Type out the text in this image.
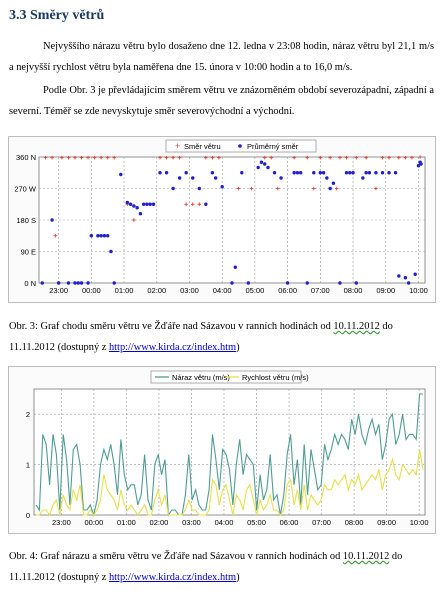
3.3 Směry větrů
Nejvyššího nárazu větru bylo dosaženo dne 12. ledna v 23:08 hodin, náraz větru byl 21,1 m/s a nejvyšší rychlost větru byla naměřena dne 15. února v 10:00 hodin a to 16,0 m/s.
Podle Obr. 3 je převládajícím směrem větru ve znázorněném období severozápadní, západní a severní. Téměř se zde nevyskytuje směr severovýchodní a východní.
+ Směr větru	Průměrný směr
0 N
90 E
180 S
270 W
360 N
23:00 00:00 01:00 02:00 03:00 04:00 05:00 06:00 07:00 08:00 09:00 10:00
Obr. 3: Graf chodu směru větru ve Žďáře nad Sázavou v ranních hodinách od 10.11.2012 do 11.11.2012 (dostupný z http://www.kirda.cz/index.htm)
Náraz větru (m/s) Rychlost větru (m/s)
0
1
2
23:00 00:00 01:00 02:00 03:00 04:00 05:00 06:00 07:00 08:00 09:00 10:00
Obr. 4: Graf nárazu a směru větru ve Žďáře nad Sázavou v ranních hodinách od 10.11.2012 do 11.11.2012 (dostupný z http://www.kirda.cz/index.htm)
